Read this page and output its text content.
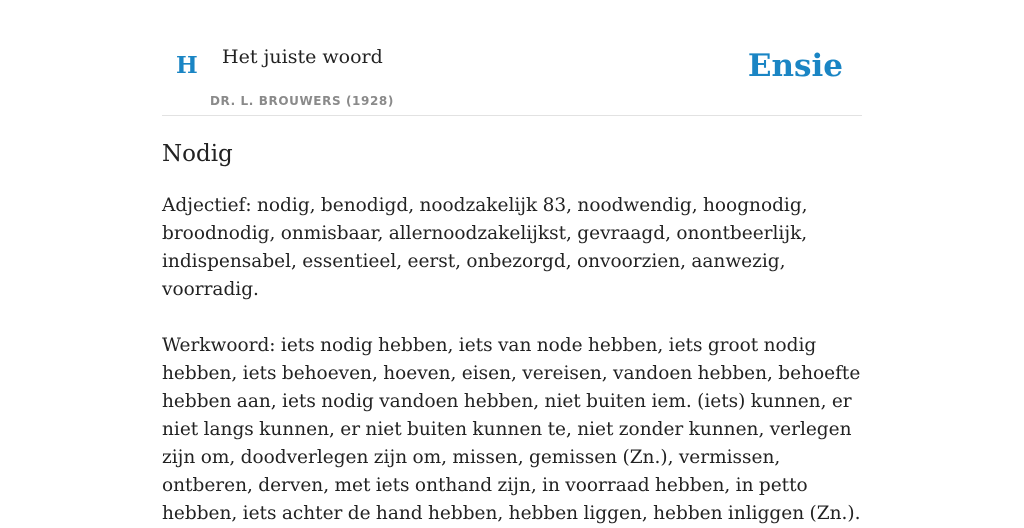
H Het juiste woord
DR. L. BROUWERS (1928)
Ensie
Nodig

Adjectief: nodig, benodigd, noodzakelijk 83, noodwendig, hoognodig, broodnodig, onmisbaar, allernoodzakelijkst, gevraagd, onontbeerlijk, indispensabel, essentieel, eerst, onbezorgd, onvoorzien, aanwezig, voorradig.

Werkwoord: iets nodig hebben, iets van node hebben, iets groot nodig hebben, iets behoeven, hoeven, eisen, vereisen, vandoen hebben, behoefte hebben aan, iets nodig vandoen hebben, niet buiten iem. (iets) kunnen, er niet langs kunnen, er niet buiten kunnen te, niet zonder kunnen, verlegen zijn om, doodverlegen zijn om, missen, gemissen (Zn.), vermissen, ontberen, derven, met iets onthand zijn, in voorraad hebben, in petto hebben, iets achter de hand hebben, hebben liggen, hebben inliggen (Zn.).
